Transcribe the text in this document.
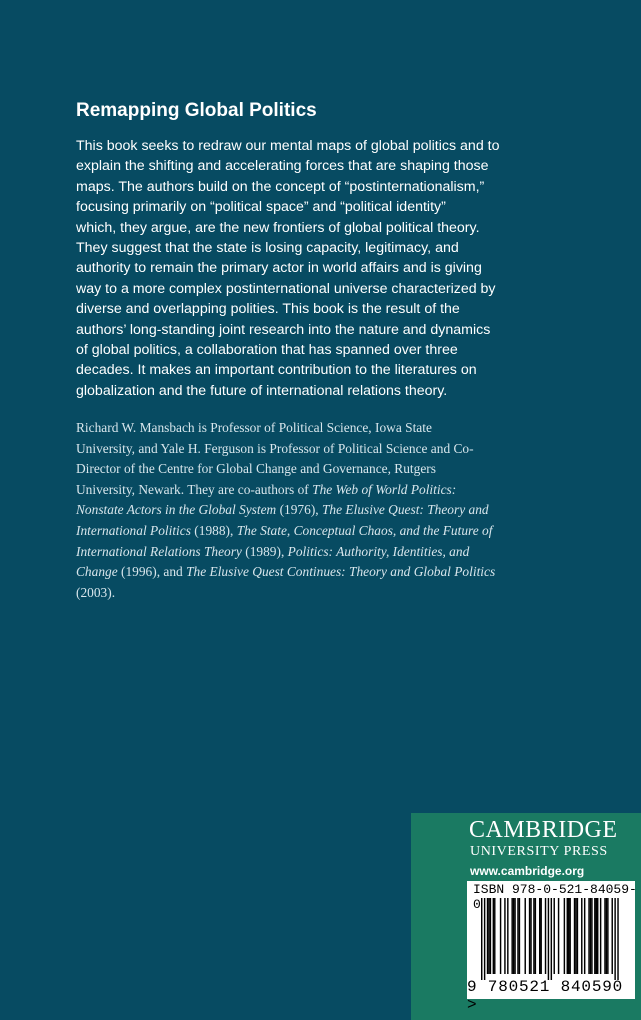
Remapping Global Politics
This book seeks to redraw our mental maps of global politics and to
explain the shifting and accelerating forces that are shaping those
maps. The authors build on the concept of “postinternationalism,”
focusing primarily on “political space” and “political identity”
which, they argue, are the new frontiers of global political theory.
They suggest that the state is losing capacity, legitimacy, and
authority to remain the primary actor in world affairs and is giving
way to a more complex postinternational universe characterized by
diverse and overlapping polities. This book is the result of the
authors’ long-standing joint research into the nature and dynamics
of global politics, a collaboration that has spanned over three
decades. It makes an important contribution to the literatures on
globalization and the future of international relations theory.
Richard W. Mansbach is Professor of Political Science, Iowa State
University, and Yale H. Ferguson is Professor of Political Science and Co-
Director of the Centre for Global Change and Governance, Rutgers
University, Newark. They are co-authors of The Web of World Politics:
Nonstate Actors in the Global System (1976), The Elusive Quest: Theory and
International Politics (1988), The State, Conceptual Chaos, and the Future of
International Relations Theory (1989), Politics: Authority, Identities, and
Change (1996), and The Elusive Quest Continues: Theory and Global Politics
(2003).
CAMBRIDGE
UNIVERSITY PRESS
www.cambridge.org
ISBN 978-0-521-84059-0
9 780521 840590 >
